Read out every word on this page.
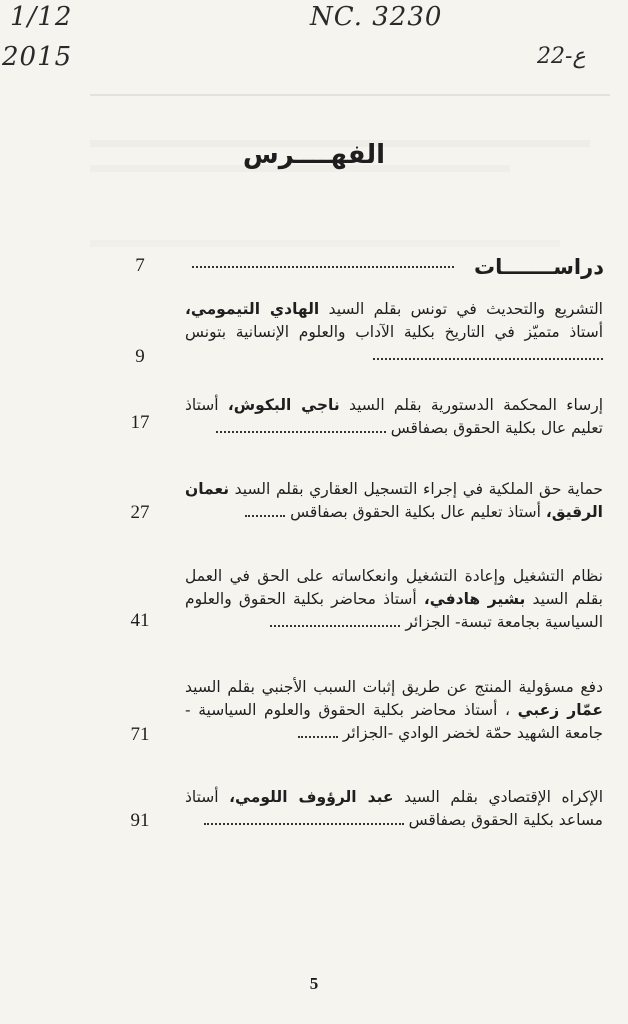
1/12
2015
NC. 3230
22-ع
الفهــــرس
دراســـــــات
7
التشريع والتحديث في تونس بقلم السيد الهادي التيمومي، أستاذ متميّز في التاريخ بكلية الآداب والعلوم الإنسانية بتونس
9
إرساء المحكمة الدستورية بقلم السيد ناجي البكوش، أستاذ تعليم عال بكلية الحقوق بصفاقس
17
حماية حق الملكية في إجراء التسجيل العقاري بقلم السيد نعمان الرقيق، أستاذ تعليم عال بكلية الحقوق بصفاقس
27
نظام التشغيل وإعادة التشغيل وانعكاساته على الحق في العمل بقلم السيد بشير هادفي، أستاذ محاضر بكلية الحقوق والعلوم السياسية بجامعة تبسة- الجزائر
41
دفع مسؤولية المنتج عن طريق إثبات السبب الأجنبي بقلم السيد عمّار زعبي ، أستاذ محاضر بكلية الحقوق والعلوم السياسية - جامعة الشهيد حمّة لخضر الوادي -الجزائر
71
الإكراه الإقتصادي بقلم السيد عبد الرؤوف اللومي، أستاذ مساعد بكلية الحقوق بصفاقس
91
5
